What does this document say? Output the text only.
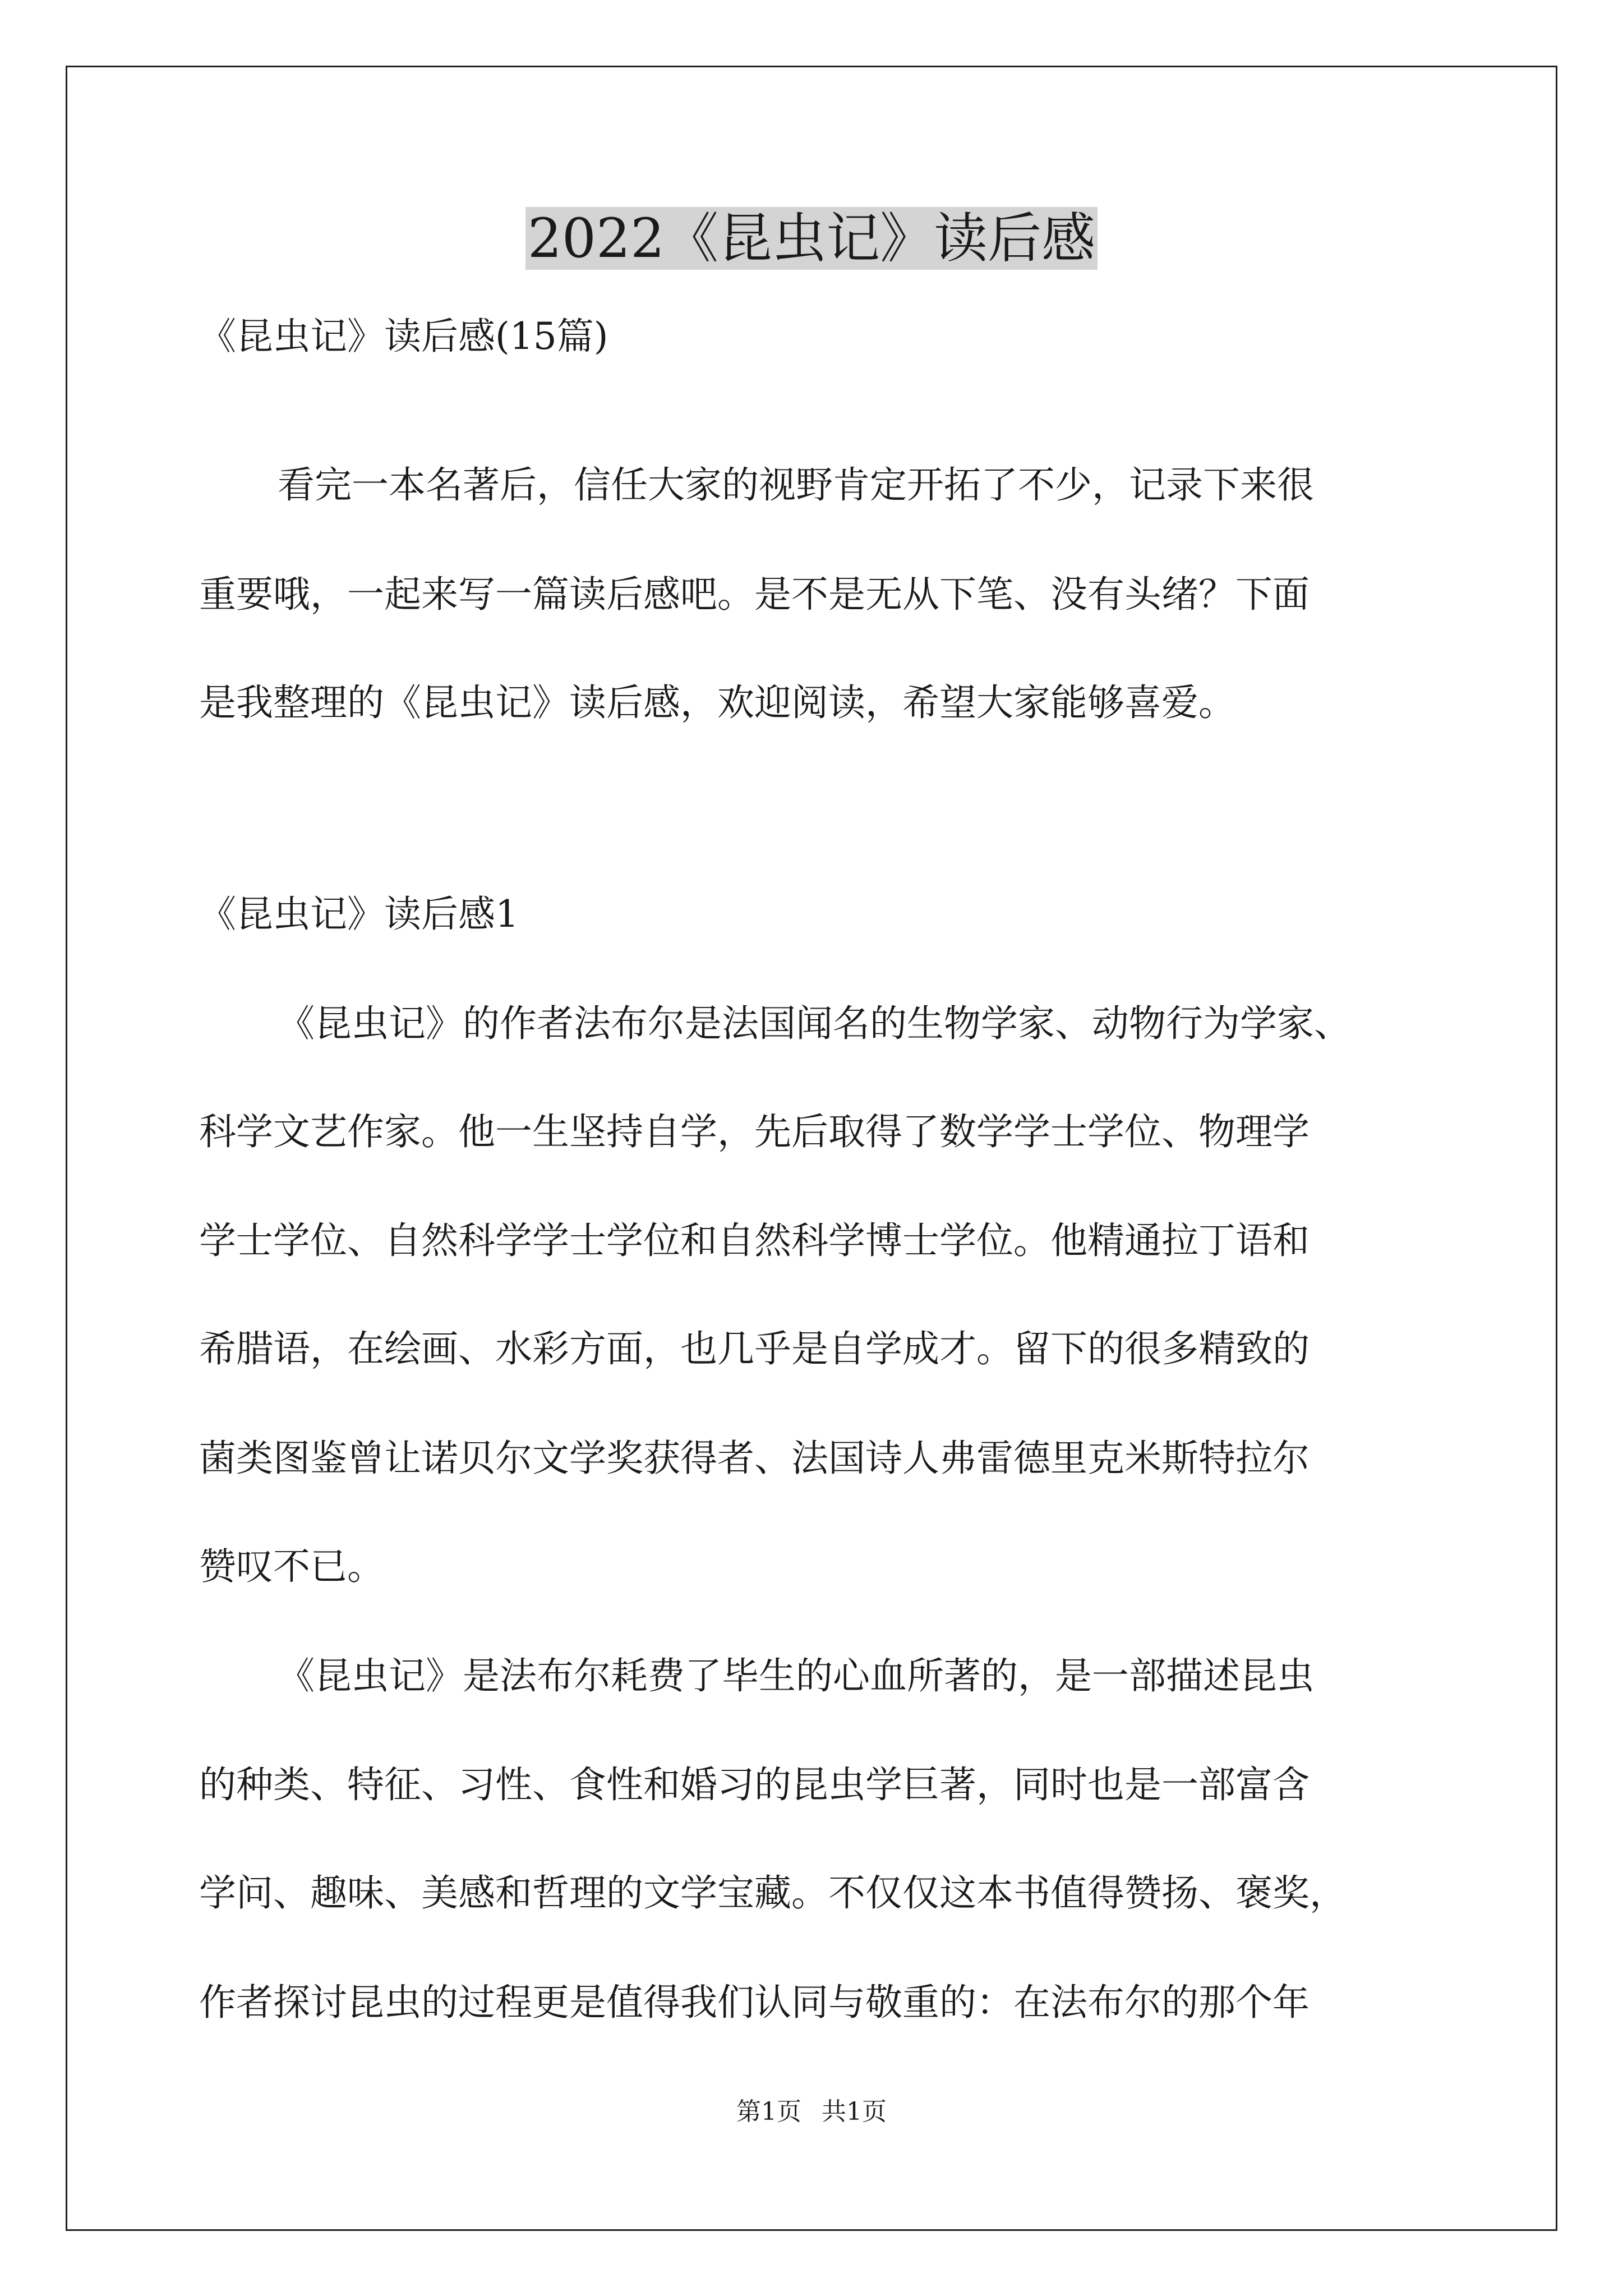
2022《昆虫记》读后感

《昆虫记》读后感(15篇)

看完一本名著后，信任大家的视野肯定开拓了不少，记录下来很

重要哦，一起来写一篇读后感吧。是不是无从下笔、没有头绪？下面

是我整理的《昆虫记》读后感，欢迎阅读，希望大家能够喜爱。

《昆虫记》读后感1

《昆虫记》的作者法布尔是法国闻名的生物学家、动物行为学家、

科学文艺作家。他一生坚持自学，先后取得了数学学士学位、物理学

学士学位、自然科学学士学位和自然科学博士学位。他精通拉丁语和

希腊语，在绘画、水彩方面，也几乎是自学成才。留下的很多精致的

菌类图鉴曾让诺贝尔文学奖获得者、法国诗人弗雷德里克米斯特拉尔

赞叹不已。

《昆虫记》是法布尔耗费了毕生的心血所著的，是一部描述昆虫

的种类、特征、习性、食性和婚习的昆虫学巨著，同时也是一部富含

学问、趣味、美感和哲理的文学宝藏。不仅仅这本书值得赞扬、褒奖，

作者探讨昆虫的过程更是值得我们认同与敬重的：在法布尔的那个年

第1页 共1页
